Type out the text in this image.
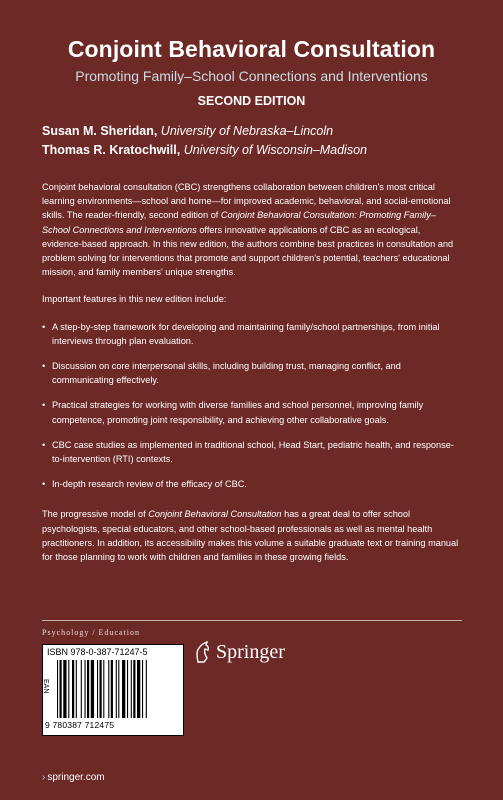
Conjoint Behavioral Consultation
Promoting Family–School Connections and Interventions
SECOND EDITION
Susan M. Sheridan, University of Nebraska–Lincoln
Thomas R. Kratochwill, University of Wisconsin–Madison

Conjoint behavioral consultation (CBC) strengthens collaboration between children's most critical learning environments—school and home—for improved academic, behavioral, and social-emotional skills. The reader-friendly, second edition of Conjoint Behavioral Consultation: Promoting Family–School Connections and Interventions offers innovative applications of CBC as an ecological, evidence-based approach. In this new edition, the authors combine best practices in consultation and problem solving for interventions that promote and support children's potential, teachers' educational mission, and family members' unique strengths.

Important features in this new edition include:

• A step-by-step framework for developing and maintaining family/school partnerships, from initial interviews through plan evaluation.
• Discussion on core interpersonal skills, including building trust, managing conflict, and communicating effectively.
• Practical strategies for working with diverse families and school personnel, improving family competence, promoting joint responsibility, and achieving other collaborative goals.
• CBC case studies as implemented in traditional school, Head Start, pediatric health, and response-to-intervention (RTI) contexts.
• In-depth research review of the efficacy of CBC.

The progressive model of Conjoint Behavioral Consultation has a great deal to offer school psychologists, special educators, and other school-based professionals as well as mental health practitioners. In addition, its accessibility makes this volume a suitable graduate text or training manual for those planning to work with children and families in these growing fields.

Psychology / Education
ISBN 978-0-387-71247-5
EAN
9 780387 712475
Springer
› springer.com
